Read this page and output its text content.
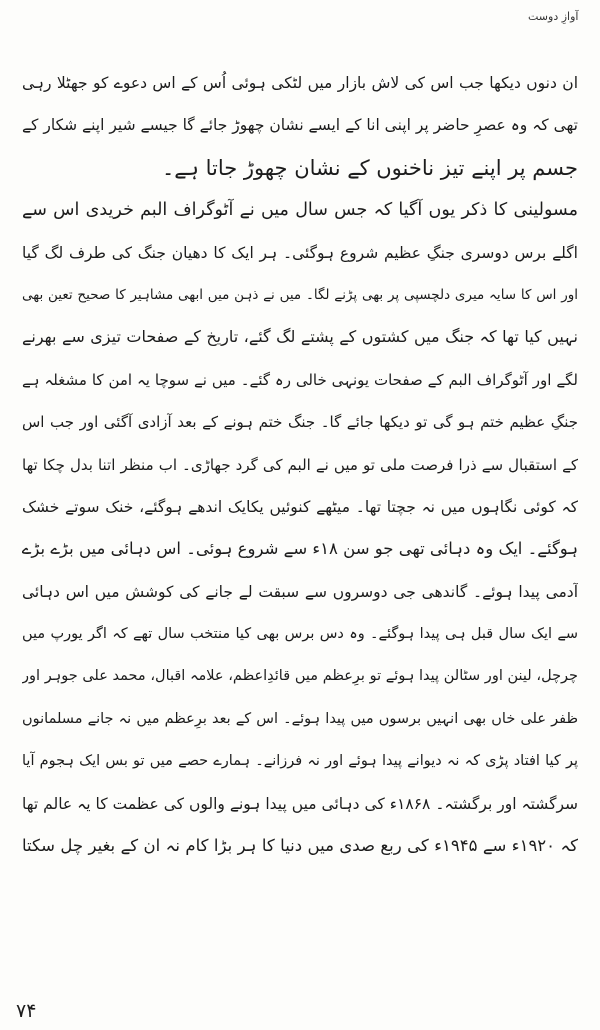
آوازِ دوست
ان دنوں دیکھا جب اس کی لاش بازار میں لٹکی ہوئی اُس کے اس دعوے کو جھٹلا رہی
تھی کہ وہ عصرِ حاضر پر اپنی انا کے ایسے نشان چھوڑ جائے گا جیسے شیر اپنے شکار کے
جسم پر اپنے تیز ناخنوں کے نشان چھوڑ جاتا ہے۔
مسولینی کا ذکر یوں آگیا کہ جس سال میں نے آٹوگراف البم خریدی اس سے
اگلے برس دوسری جنگِ عظیم شروع ہوگئی۔ ہر ایک کا دھیان جنگ کی طرف لگ گیا
اور اس کا سایہ میری دلچسپی پر بھی پڑنے لگا۔ میں نے ذہن میں ابھی مشاہیر کا صحیح تعین بھی
نہیں کیا تھا کہ جنگ میں کشتوں کے پشتے لگ گئے، تاریخ کے صفحات تیزی سے بھرنے
لگے اور آٹوگراف البم کے صفحات یونہی خالی رہ گئے۔ میں نے سوچا یہ امن کا مشغلہ ہے
جنگِ عظیم ختم ہو گی تو دیکھا جائے گا۔ جنگ ختم ہونے کے بعد آزادی آگئی اور جب اس
کے استقبال سے ذرا فرصت ملی تو میں نے البم کی گرد جھاڑی۔ اب منظر اتنا بدل چکا تھا
کہ کوئی نگاہوں میں نہ جچتا تھا۔ میٹھے کنوئیں یکایک اندھے ہوگئے، خنک سوتے خشک
ہوگئے۔ ایک وہ دہائی تھی جو سن ۱۸ء سے شروع ہوئی۔ اس دہائی میں بڑے بڑے
آدمی پیدا ہوئے۔ گاندھی جی دوسروں سے سبقت لے جانے کی کوشش میں اس دہائی
سے ایک سال قبل ہی پیدا ہوگئے۔ وہ دس برس بھی کیا منتخب سال تھے کہ اگر یورپ میں
چرچل، لینن اور سٹالن پیدا ہوئے تو برِعظم میں قائدِاعظم، علامہ اقبال، محمد علی جوہر اور
ظفر علی خاں بھی انہیں برسوں میں پیدا ہوئے۔ اس کے بعد برِعظم میں نہ جانے مسلمانوں
پر کیا افتاد پڑی کہ نہ دیوانے پیدا ہوئے اور نہ فرزانے۔ ہمارے حصے میں تو بس ایک ہجوم آیا
سرگشتہ اور برگشتہ۔ ۱۸۶۸ء کی دہائی میں پیدا ہونے والوں کی عظمت کا یہ عالم تھا
کہ ۱۹۲۰ء سے ۱۹۴۵ء کی ربع صدی میں دنیا کا ہر بڑا کام نہ ان کے بغیر چل سکتا
۷۴
